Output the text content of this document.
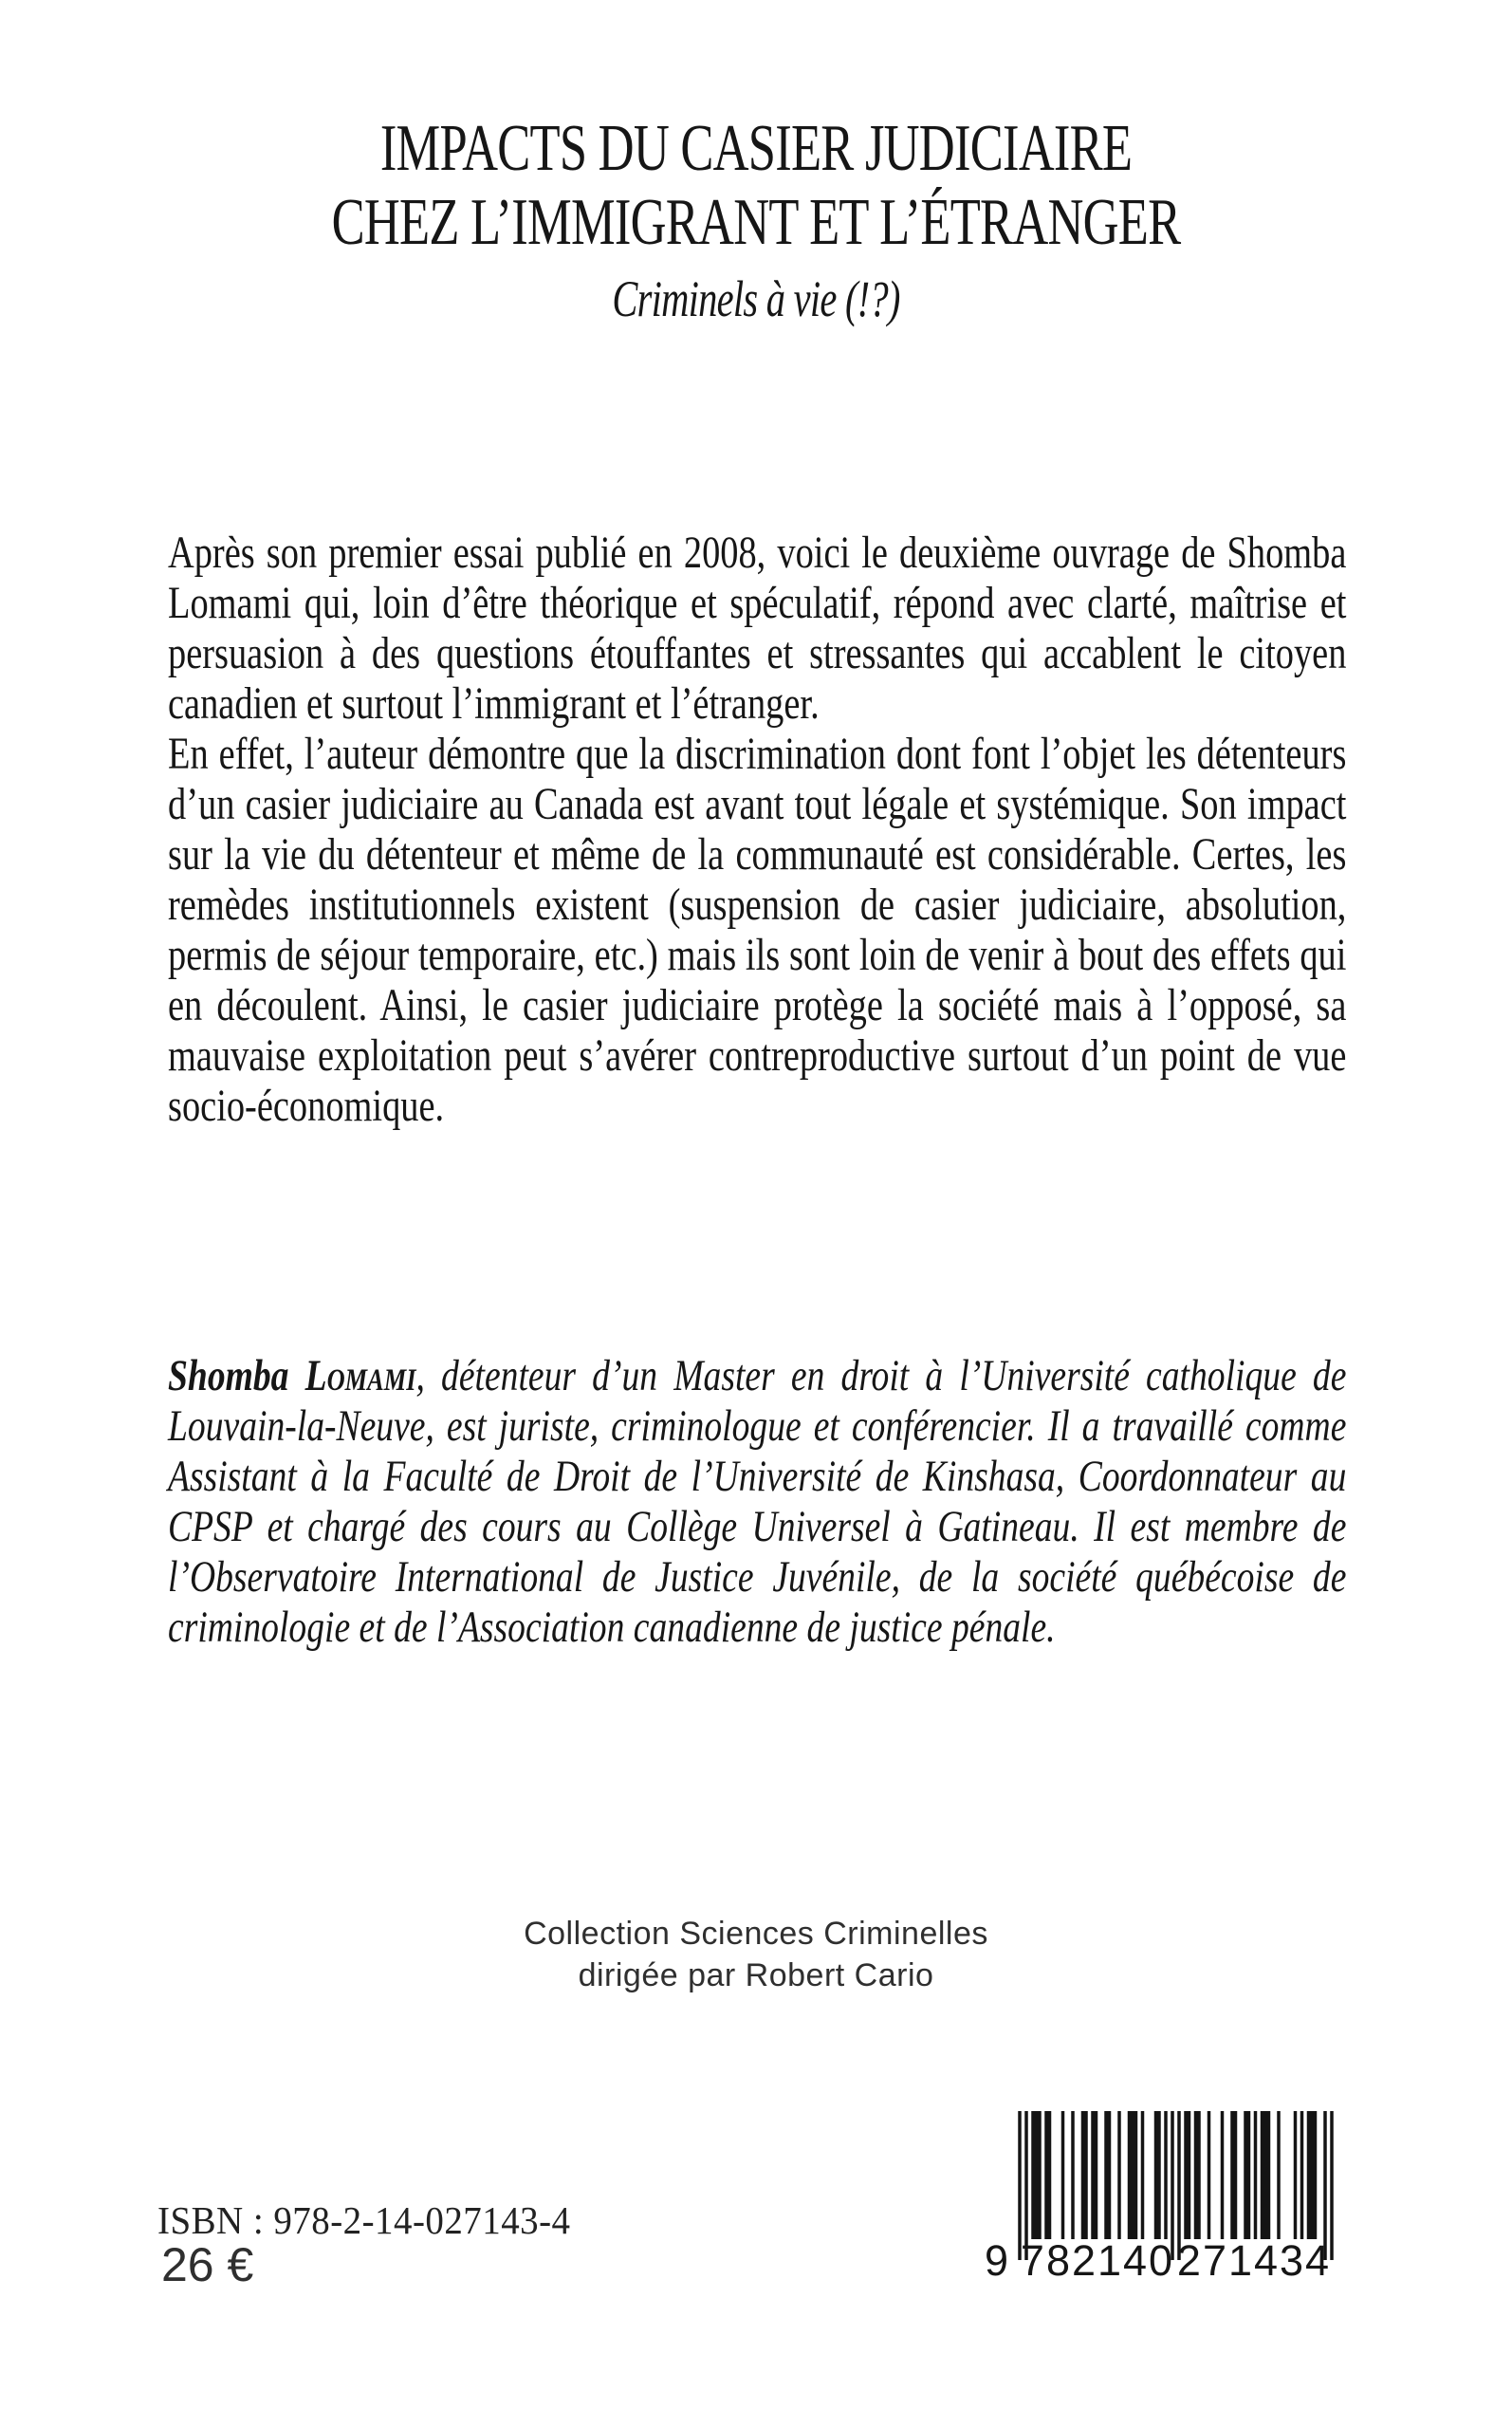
IMPACTS DU CASIER JUDICIAIRE
CHEZ L’IMMIGRANT ET L’ÉTRANGER
Criminels à vie (!?)

Après son premier essai publié en 2008, voici le deuxième ouvrage de Shomba Lomami qui, loin d’être théorique et spéculatif, répond avec clarté, maîtrise et persuasion à des questions étouffantes et stressantes qui accablent le citoyen canadien et surtout l’immigrant et l’étranger.

En effet, l’auteur démontre que la discrimination dont font l’objet les détenteurs d’un casier judiciaire au Canada est avant tout légale et systémique. Son impact sur la vie du détenteur et même de la communauté est considérable. Certes, les remèdes institutionnels existent (suspension de casier judiciaire, absolution, permis de séjour temporaire, etc.) mais ils sont loin de venir à bout des effets qui en découlent. Ainsi, le casier judiciaire protège la société mais à l’opposé, sa mauvaise exploitation peut s’avérer contreproductive surtout d’un point de vue socio-économique.

Shomba Lomami, détenteur d’un Master en droit à l’Université catholique de Louvain-la-Neuve, est juriste, criminologue et conférencier. Il a travaillé comme Assistant à la Faculté de Droit de l’Université de Kinshasa, Coordonnateur au CPSP et chargé des cours au Collège Universel à Gatineau. Il est membre de l’Observatoire International de Justice Juvénile, de la société québécoise de criminologie et de l’Association canadienne de justice pénale.

Collection Sciences Criminelles
dirigée par Robert Cario
ISBN : 978-2-14-027143-4
26 €	9 782140 271434
